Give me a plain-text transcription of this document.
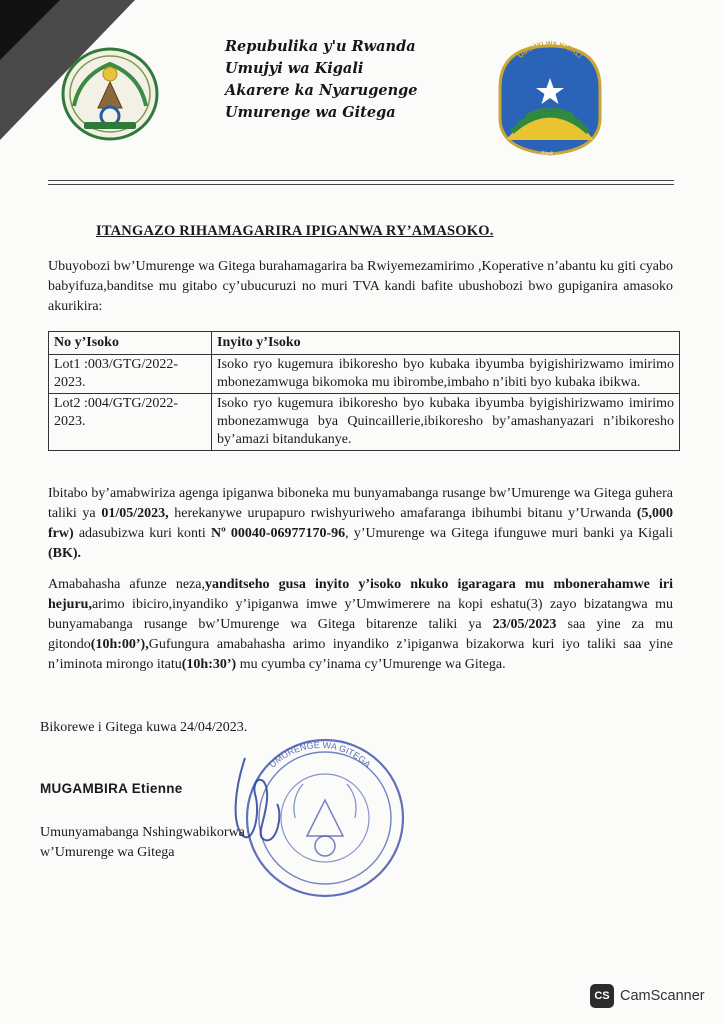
Repubulika y'u Rwanda
Umujyi wa Kigali
Akarere ka Nyarugenge
Umurenge wa Gitega
UMUJYI WA KIGALI
Kigali ...
ITANGAZO RIHAMAGARIRA IPIGANWA RY’AMASOKO.
Ubuyobozi bw’Umurenge wa Gitega burahamagarira ba Rwiyemezamirimo ,Koperative n’abantu ku giti cyabo babyifuza,banditse mu gitabo cy’ubucuruzi no muri TVA kandi bafite ubushobozi bwo gupiganira amasoko akurikira:
No y’Isoko	Inyito y’Isoko
Lot1 :003/GTG/2022-2023.	Isoko ryo kugemura ibikoresho byo kubaka ibyumba byigishirizwamo imirimo mbonezamwuga bikomoka mu ibirombe,imbaho n’ibiti byo kubaka ibikwa.
Lot2 :004/GTG/2022-2023.	Isoko ryo kugemura ibikoresho byo kubaka ibyumba byigishirizwamo imirimo mbonezamwuga bya Quincaillerie,ibikoresho by’amashanyazari n’ibikoresho by’amazi bitandukanye.
Ibitabo by’amabwiriza agenga ipiganwa biboneka mu bunyamabanga rusange bw’Umurenge wa Gitega guhera taliki ya 01/05/2023, herekanywe urupapuro rwishyuriweho amafaranga ibihumbi bitanu y’Urwanda (5,000 frw) adasubizwa kuri konti Nº 00040-06977170-96, y’Umurenge wa Gitega ifunguwe muri banki ya Kigali (BK).
Amabahasha afunze neza,yanditseho gusa inyito y’isoko nkuko igaragara mu mbonerahamwe iri hejuru,arimo ibiciro,inyandiko y’ipiganwa imwe y’Umwimerere na kopi eshatu(3) zayo bizatangwa mu bunyamabanga rusange bw’Umurenge wa Gitega bitarenze taliki ya 23/05/2023 saa yine za mu gitondo(10h:00’),Gufungura amabahasha arimo inyandiko z’ipiganwa bizakorwa kuri iyo taliki saa yine n’iminota mirongo itatu(10h:30’) mu cyumba cy’inama cy’Umurenge wa Gitega.
Bikorewe i Gitega kuwa 24/04/2023.
UMURENGE WA GITEGA
MUGAMBIRA Etienne
Umunyamabanga Nshingwabikorwa
w’Umurenge wa Gitega
CS CamScanner
